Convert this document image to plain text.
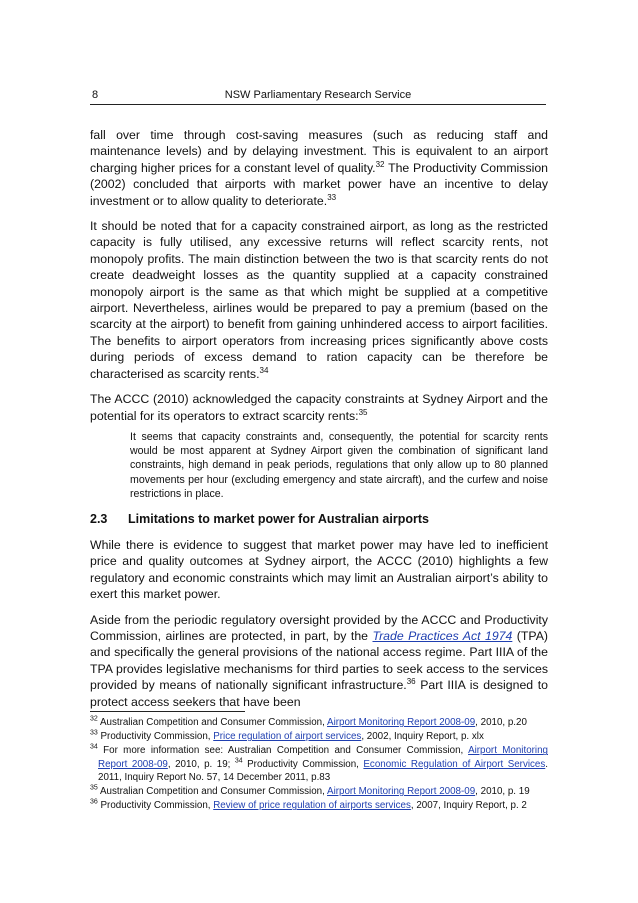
8	NSW Parliamentary Research Service

fall over time through cost-saving measures (such as reducing staff and maintenance levels) and by delaying investment. This is equivalent to an airport charging higher prices for a constant level of quality.$^{32}$ The Productivity Commission (2002) concluded that airports with market power have an incentive to delay investment or to allow quality to deteriorate.$^{33}$

It should be noted that for a capacity constrained airport, as long as the restricted capacity is fully utilised, any excessive returns will reflect scarcity rents, not monopoly profits. The main distinction between the two is that scarcity rents do not create deadweight losses as the quantity supplied at a capacity constrained monopoly airport is the same as that which might be supplied at a competitive airport. Nevertheless, airlines would be prepared to pay a premium (based on the scarcity at the airport) to benefit from gaining unhindered access to airport facilities. The benefits to airport operators from increasing prices significantly above costs during periods of excess demand to ration capacity can be therefore be characterised as scarcity rents.$^{34}$

The ACCC (2010) acknowledged the capacity constraints at Sydney Airport and the potential for its operators to extract scarcity rents:$^{35}$

It seems that capacity constraints and, consequently, the potential for scarcity rents would be most apparent at Sydney Airport given the combination of significant land constraints, high demand in peak periods, regulations that only allow up to 80 planned movements per hour (excluding emergency and state aircraft), and the curfew and noise restrictions in place.
2.3 Limitations to market power for Australian airports

While there is evidence to suggest that market power may have led to inefficient price and quality outcomes at Sydney airport, the ACCC (2010) highlights a few regulatory and economic constraints which may limit an Australian airport’s ability to exert this market power.

Aside from the periodic regulatory oversight provided by the ACCC and Productivity Commission, airlines are protected, in part, by the Trade Practices Act 1974 (TPA) and specifically the general provisions of the national access regime. Part IIIA of the TPA provides legislative mechanisms for third parties to seek access to the services provided by means of nationally significant infrastructure.$^{36}$ Part IIIA is designed to protect access seekers that have been

$^{32}$ Australian Competition and Consumer Commission, Airport Monitoring Report 2008-09, 2010, p.20
$^{33}$ Productivity Commission, Price regulation of airport services, 2002, Inquiry Report, p. xlx
$^{34}$ For more information see: Australian Competition and Consumer Commission, Airport Monitoring Report 2008-09, 2010, p. 19; $^{34}$ Productivity Commission, Economic Regulation of Airport Services. 2011, Inquiry Report No. 57, 14 December 2011, p.83
$^{35}$ Australian Competition and Consumer Commission, Airport Monitoring Report 2008-09, 2010, p. 19
$^{36}$ Productivity Commission, Review of price regulation of airports services, 2007, Inquiry Report, p. 2
